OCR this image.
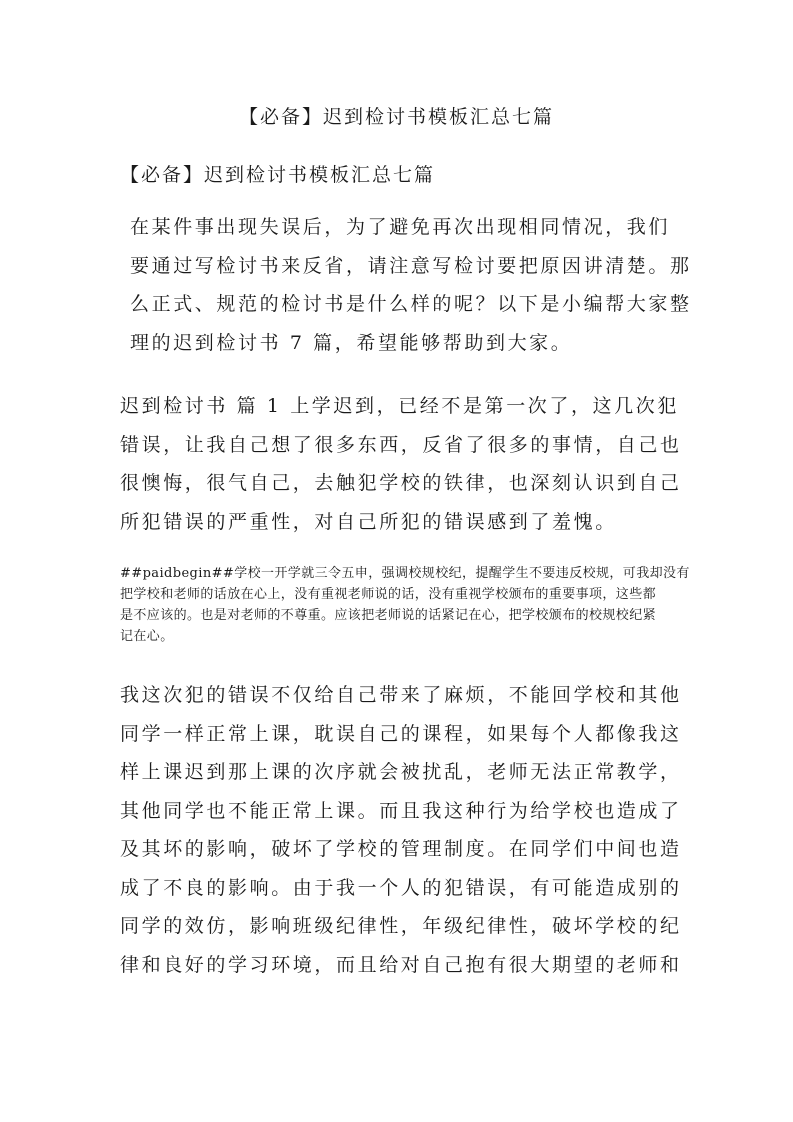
【必备】迟到检讨书模板汇总七篇
【必备】迟到检讨书模板汇总七篇
在某件事出现失误后，为了避免再次出现相同情况，我们
要通过写检讨书来反省，请注意写检讨要把原因讲清楚。那
么正式、规范的检讨书是什么样的呢？以下是小编帮大家整
理的迟到检讨书 7 篇，希望能够帮助到大家。
迟到检讨书 篇 1 上学迟到，已经不是第一次了，这几次犯
错误，让我自己想了很多东西，反省了很多的事情，自己也
很懊悔，很气自己，去触犯学校的铁律，也深刻认识到自己
所犯错误的严重性，对自己所犯的错误感到了羞愧。
##paidbegin##学校一开学就三令五申，强调校规校纪，提醒学生不要违反校规，可我却没有
把学校和老师的话放在心上，没有重视老师说的话，没有重视学校颁布的重要事项，这些都
是不应该的。也是对老师的不尊重。应该把老师说的话紧记在心，把学校颁布的校规校纪紧
记在心。
我这次犯的错误不仅给自己带来了麻烦，不能回学校和其他
同学一样正常上课，耽误自己的课程，如果每个人都像我这
样上课迟到那上课的次序就会被扰乱，老师无法正常教学，
其他同学也不能正常上课。而且我这种行为给学校也造成了
及其坏的影响，破坏了学校的管理制度。在同学们中间也造
成了不良的影响。由于我一个人的犯错误，有可能造成别的
同学的效仿，影响班级纪律性，年级纪律性，破坏学校的纪
律和良好的学习环境，而且给对自己抱有很大期望的老师和
